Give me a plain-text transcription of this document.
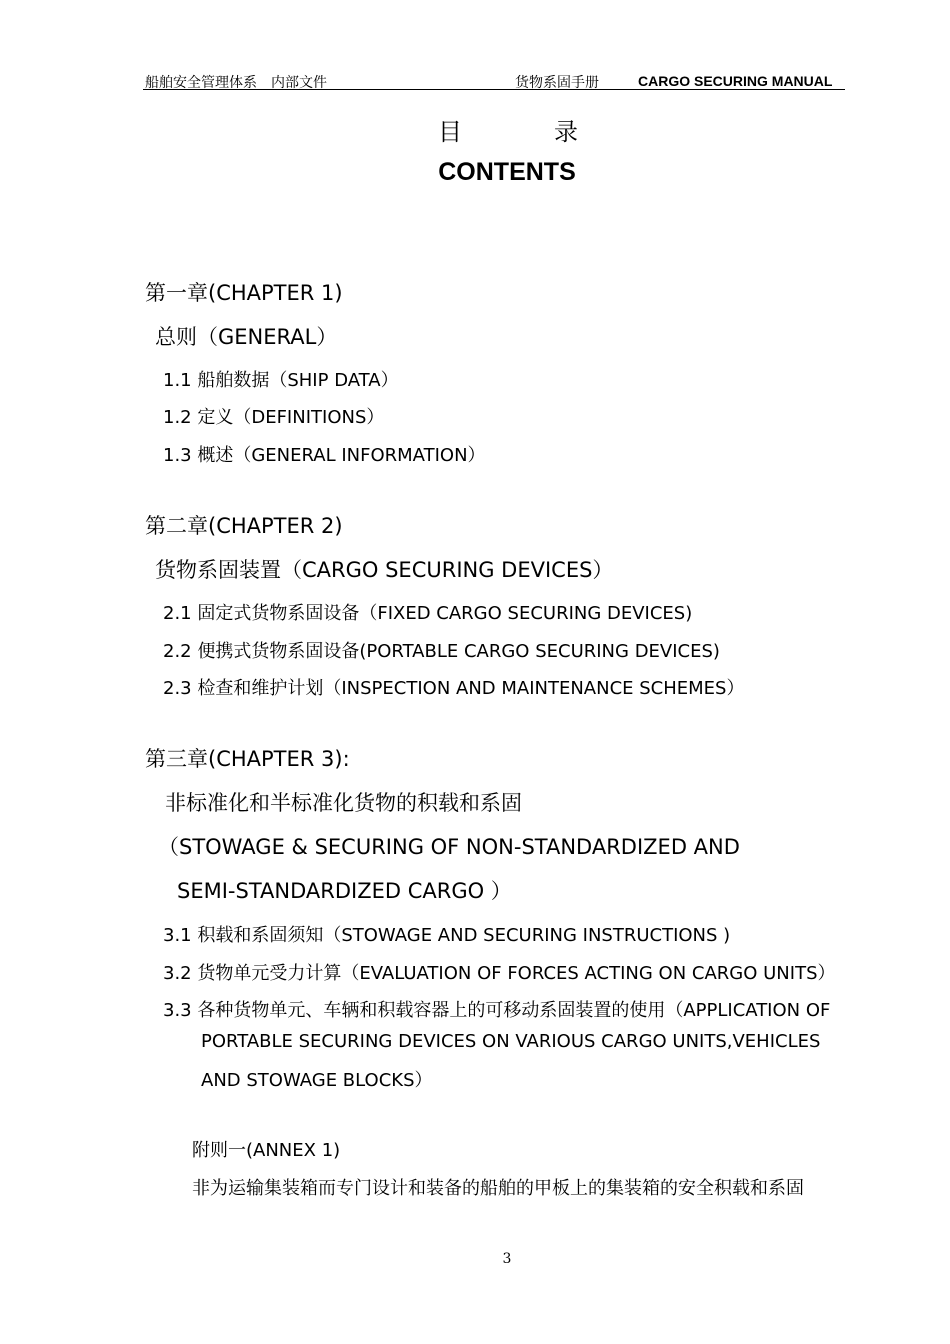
船舶安全管理体系　内部文件	货物系固手册	CARGO SECURING MANUAL
目	录
CONTENTS
第一章(CHAPTER 1)
总则（GENERAL）
1.1 船舶数据（SHIP DATA）
1.2 定义（DEFINITIONS）
1.3 概述（GENERAL INFORMATION）
第二章(CHAPTER 2)
货物系固装置（CARGO SECURING DEVICES）
2.1 固定式货物系固设备（FIXED CARGO SECURING DEVICES)
2.2 便携式货物系固设备(PORTABLE CARGO SECURING DEVICES)
2.3 检查和维护计划（INSPECTION AND MAINTENANCE SCHEMES）
第三章(CHAPTER 3):
非标准化和半标准化货物的积载和系固
（STOWAGE & SECURING OF NON-STANDARDIZED AND
SEMI-STANDARDIZED CARGO ）
3.1 积载和系固须知（STOWAGE AND SECURING INSTRUCTIONS )
3.2 货物单元受力计算（EVALUATION OF FORCES ACTING ON CARGO UNITS）
3.3 各种货物单元、车辆和积载容器上的可移动系固装置的使用（APPLICATION OF
PORTABLE SECURING DEVICES ON VARIOUS CARGO UNITS,VEHICLES
AND STOWAGE BLOCKS）
附则一(ANNEX 1)
非为运输集装箱而专门设计和装备的船舶的甲板上的集装箱的安全积载和系固
3
